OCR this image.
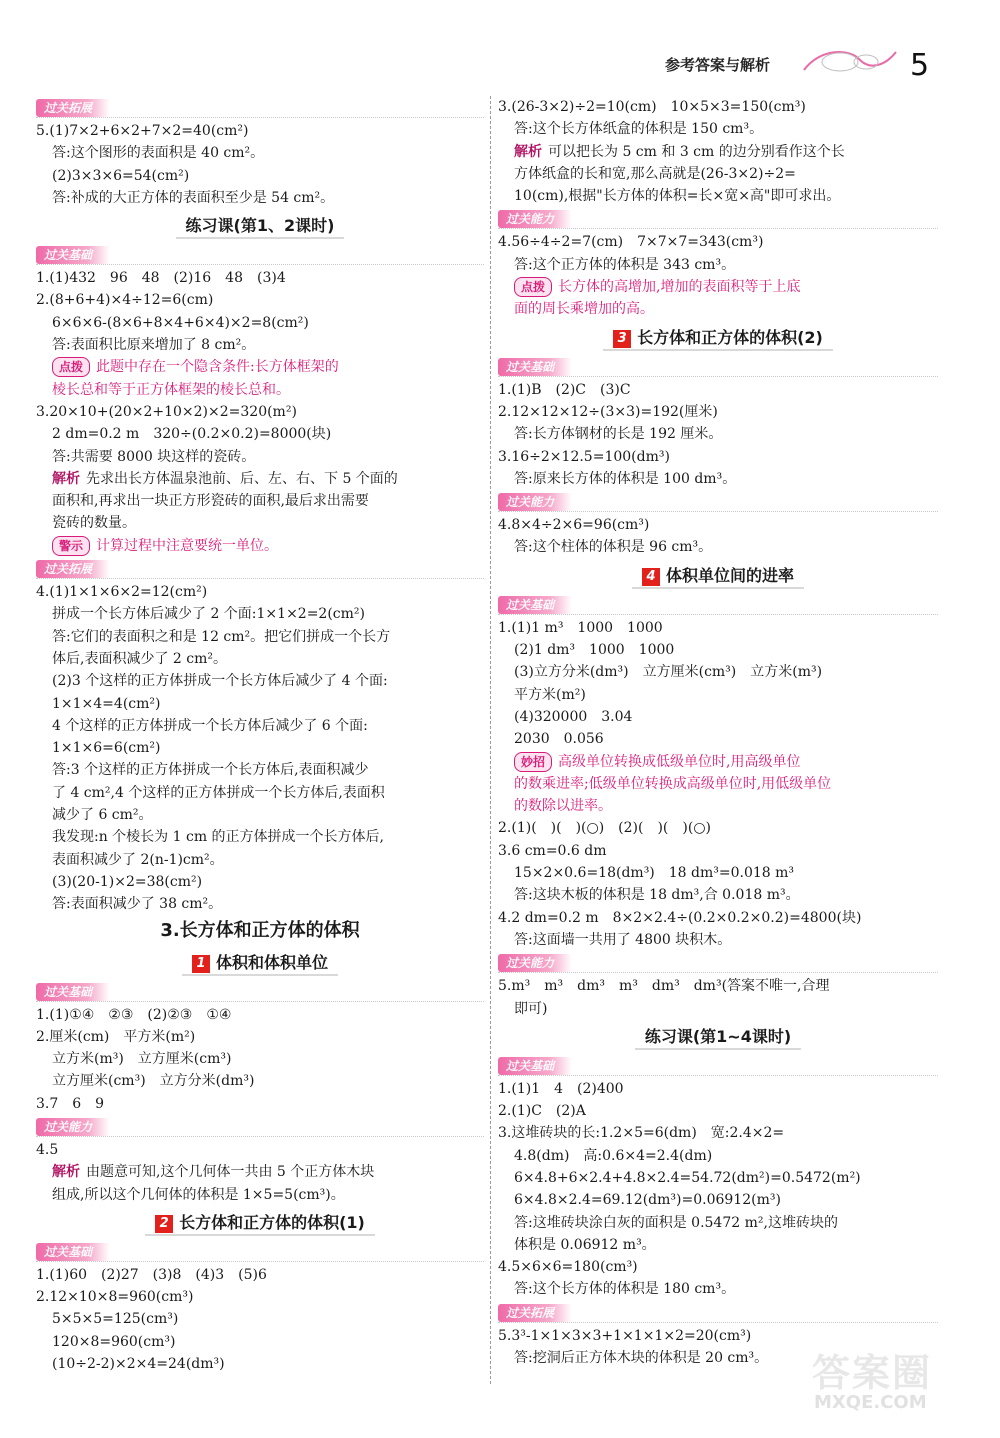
参考答案与解析	5
过关拓展

5.(1)7×2+6×2+7×2=40(cm²)

答:这个图形的表面积是 40 cm²。

(2)3×3×6=54(cm²)

答:补成的大正方体的表面积至少是 54 cm²。

练习课(第1、2课时)
过关基础

1.(1)432　96　48　(2)16　48　(3)4

2.(8+6+4)×4÷12=6(cm)

6×6×6-(8×6+8×4+6×4)×2=8(cm²)

答:表面积比原来增加了 8 cm²。

点拨 此题中存在一个隐含条件:长方体框架的

棱长总和等于正方体框架的棱长总和。

3.20×10+(20×2+10×2)×2=320(m²)

2 dm=0.2 m　320÷(0.2×0.2)=8000(块)

答:共需要 8000 块这样的瓷砖。

解析 先求出长方体温泉池前、后、左、右、下 5 个面的

面积和,再求出一块正方形瓷砖的面积,最后求出需要

瓷砖的数量。

警示 计算过程中注意要统一单位。

过关拓展

4.(1)1×1×6×2=12(cm²)

拼成一个长方体后减少了 2 个面:1×1×2=2(cm²)

答:它们的表面积之和是 12 cm²。把它们拼成一个长方

体后,表面积减少了 2 cm²。

(2)3 个这样的正方体拼成一个长方体后减少了 4 个面:

1×1×4=4(cm²)

4 个这样的正方体拼成一个长方体后减少了 6 个面:

1×1×6=6(cm²)

答:3 个这样的正方体拼成一个长方体后,表面积减少

了 4 cm²,4 个这样的正方体拼成一个长方体后,表面积

减少了 6 cm²。

我发现:n 个棱长为 1 cm 的正方体拼成一个长方体后,

表面积减少了 2(n-1)cm²。

(3)(20-1)×2=38(cm²)

答:表面积减少了 38 cm²。

3.长方体和正方体的体积
1 体积和体积单位
过关基础

1.(1)①④　②③　(2)②③　①④

2.厘米(cm)　平方米(m²)

立方米(m³)　立方厘米(cm³)

立方厘米(cm³)　立方分米(dm³)

3.7　6　9

过关能力

4.5

解析 由题意可知,这个几何体一共由 5 个正方体木块

组成,所以这个几何体的体积是 1×5=5(cm³)。

2 长方体和正方体的体积(1)
过关基础

1.(1)60　(2)27　(3)8　(4)3　(5)6

2.12×10×8=960(cm³)

5×5×5=125(cm³)

120×8=960(cm³)

(10÷2-2)×2×4=24(dm³)

3.(26-3×2)÷2=10(cm)　10×5×3=150(cm³)

答:这个长方体纸盒的体积是 150 cm³。

解析 可以把长为 5 cm 和 3 cm 的边分别看作这个长

方体纸盒的长和宽,那么高就是(26-3×2)÷2=

10(cm),根据"长方体的体积=长×宽×高"即可求出。

过关能力

4.56÷4÷2=7(cm)　7×7×7=343(cm³)

答:这个正方体的体积是 343 cm³。

点拨 长方体的高增加,增加的表面积等于上底

面的周长乘增加的高。

3 长方体和正方体的体积(2)
过关基础

1.(1)B　(2)C　(3)C

2.12×12×12÷(3×3)=192(厘米)

答:长方体钢材的长是 192 厘米。

3.16÷2×12.5=100(dm³)

答:原来长方体的体积是 100 dm³。

过关能力

4.8×4÷2×6=96(cm³)

答:这个柱体的体积是 96 cm³。

4 体积单位间的进率
过关基础

1.(1)1 m³　1000　1000

(2)1 dm³　1000　1000

(3)立方分米(dm³)　立方厘米(cm³)　立方米(m³)

平方米(m²)

(4)320000　3.04

2030　0.056

妙招 高级单位转换成低级单位时,用高级单位

的数乘进率;低级单位转换成高级单位时,用低级单位

的数除以进率。

2.(1)(　)(　)(○)　(2)(　)(　)(○)

3.6 cm=0.6 dm

15×2×0.6=18(dm³)　18 dm³=0.018 m³

答:这块木板的体积是 18 dm³,合 0.018 m³。

4.2 dm=0.2 m　8×2×2.4÷(0.2×0.2×0.2)=4800(块)

答:这面墙一共用了 4800 块积木。

过关能力

5.m³　m³　dm³　m³　dm³　dm³(答案不唯一,合理

即可)

练习课(第1~4课时)
过关基础

1.(1)1　4　(2)400

2.(1)C　(2)A

3.这堆砖块的长:1.2×5=6(dm)　宽:2.4×2=

4.8(dm)　高:0.6×4=2.4(dm)

6×4.8+6×2.4+4.8×2.4=54.72(dm²)=0.5472(m²)

6×4.8×2.4=69.12(dm³)=0.06912(m³)

答:这堆砖块涂白灰的面积是 0.5472 m²,这堆砖块的

体积是 0.06912 m³。

4.5×6×6=180(cm³)

答:这个长方体的体积是 180 cm³。

过关拓展

5.3³-1×1×3×3+1×1×1×2=20(cm³)

答:挖洞后正方体木块的体积是 20 cm³。	答案圈
MXQE.COM
